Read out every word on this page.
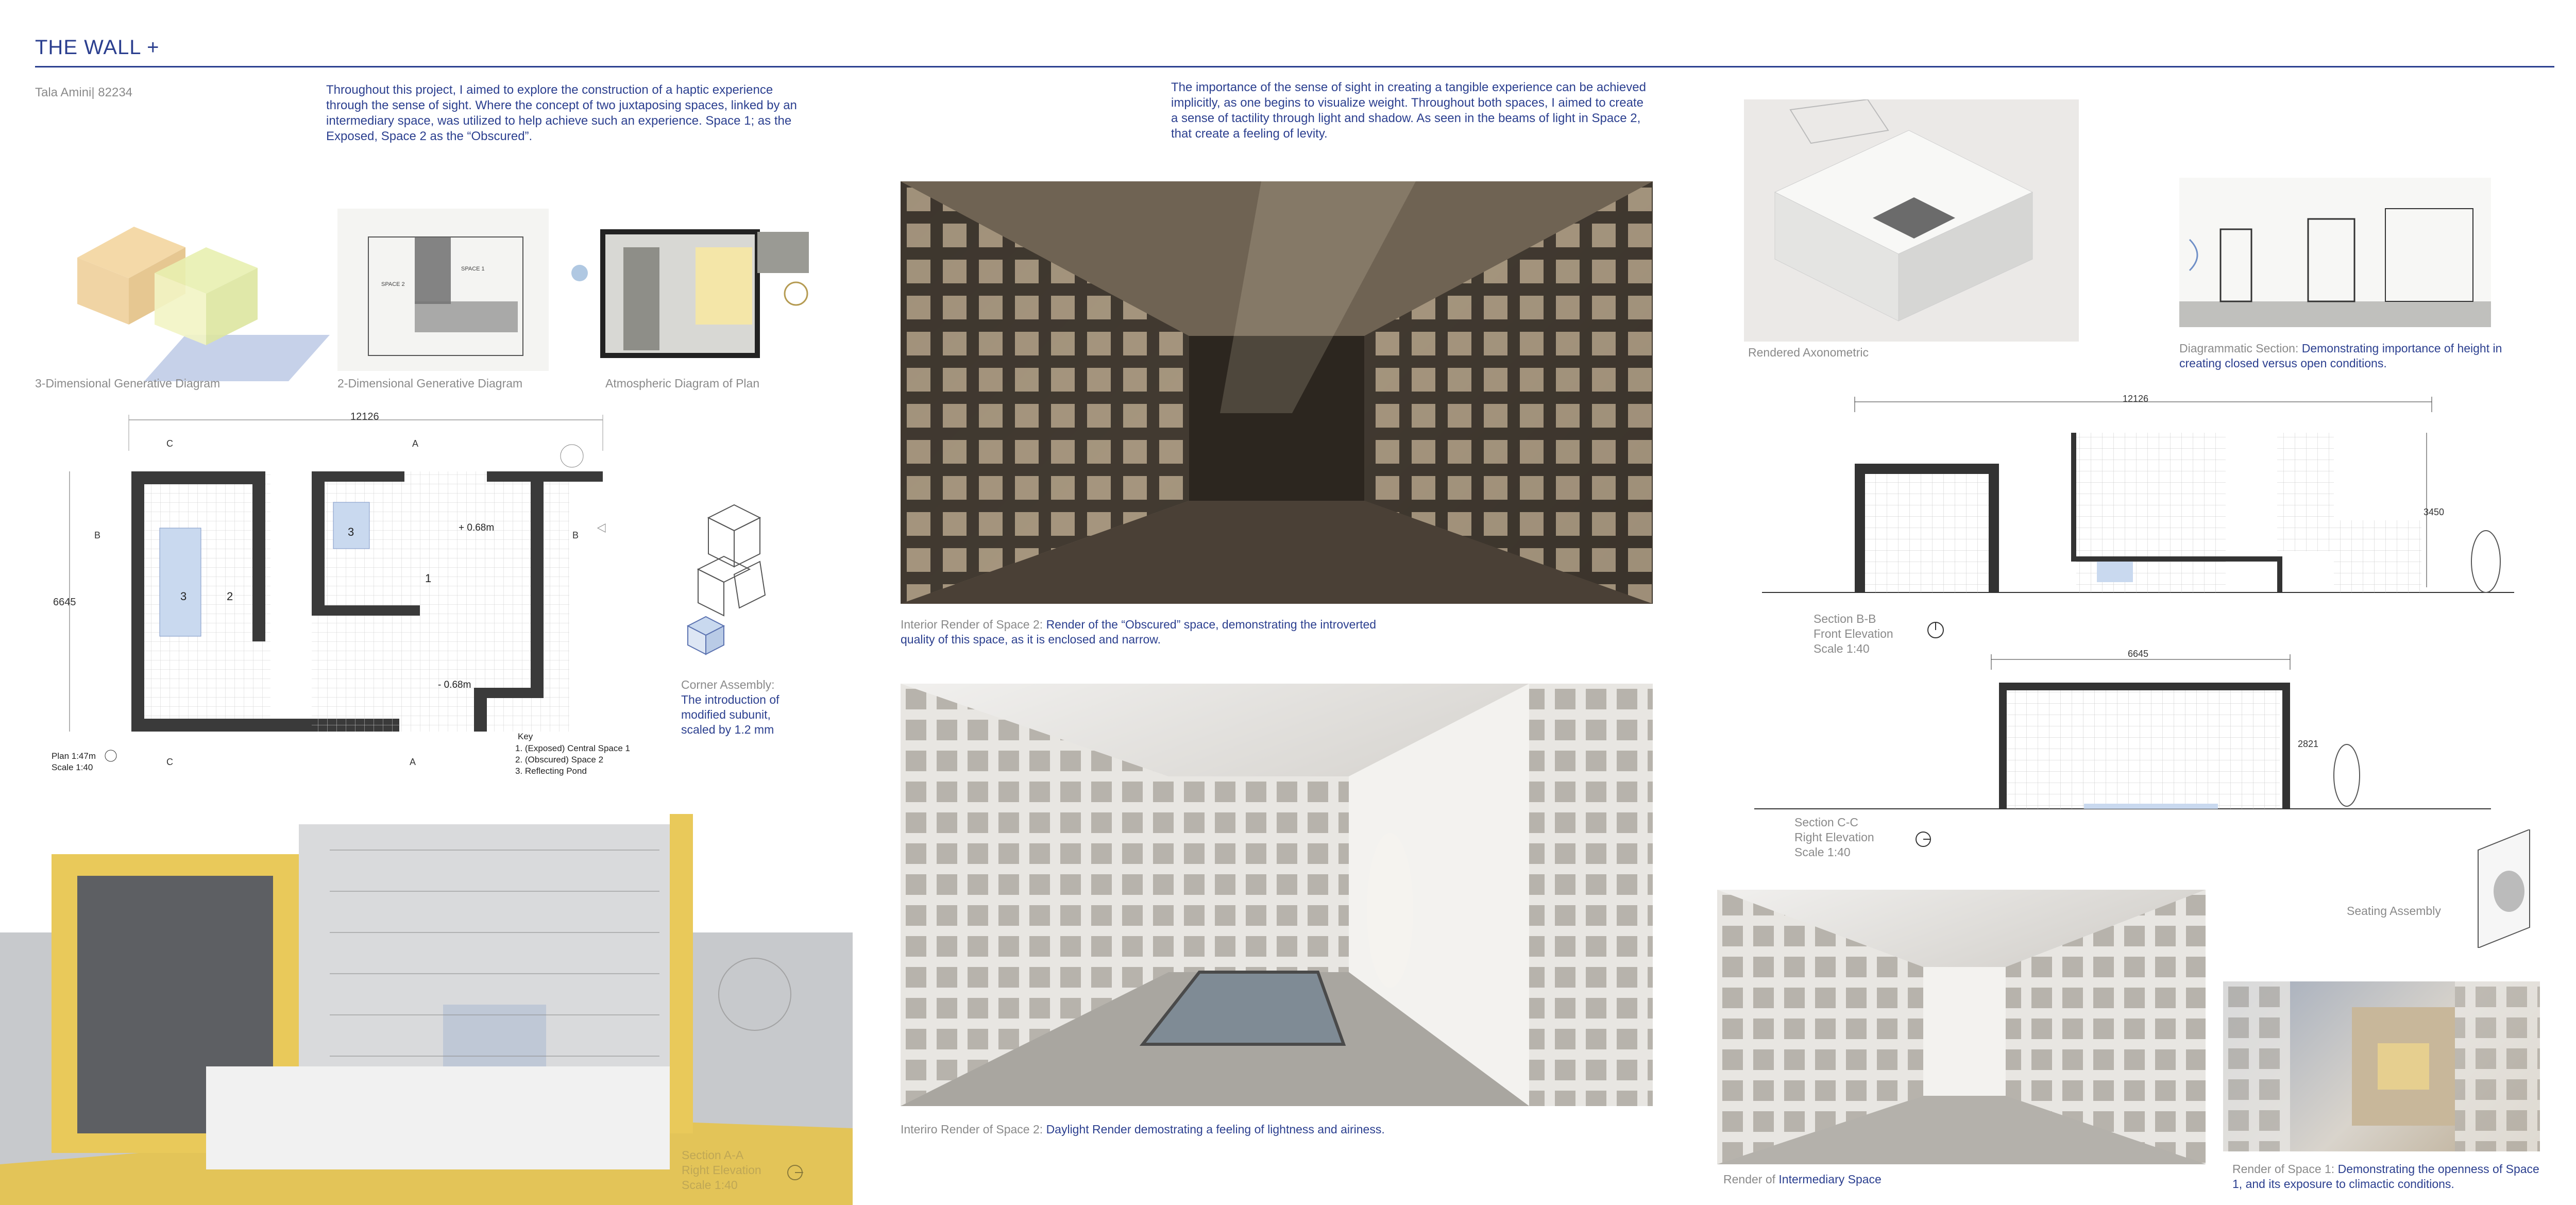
THE WALL +
Tala Amini| 82234	Throughout this project, I aimed to explore the construction of a haptic experience through the sense of sight. Where the concept of two juxtaposing spaces, linked by an intermediary space, was utilized to help achieve such an experience. Space 1; as the Exposed, Space 2 as the “Obscured”.
The importance of the sense of sight in creating a tangible experience can be achieved implicitly, as one begins to visualize weight. Throughout both spaces, I aimed to create a sense of tactility through light and shadow. As seen in the beams of light in Space 2, that create a feeling of levity.
3-Dimensional Generative Diagram
SPACE 1
SPACE 2
2-Dimensional Generative Diagram	Atmospheric Diagram of Plan
C	A
B	B
C	A
12126
6645
+ 0.68m
- 0.68m
1
2
3
3
Plan 1:47m
Scale 1:40
Key
1. (Exposed) Central Space 1
2. (Obscured) Space 2
3. Reflecting Pond
Corner Assembly:
The introduction of modified subunit, scaled by 1.2 mm
Section A-A
Right Elevation
Scale 1:40
Interior Render of Space 2: Render of the “Obscured” space, demonstrating the introverted quality of this space, as it is enclosed and narrow.
Interiro Render of Space 2: Daylight Render demostrating a feeling of lightness and airiness.
Rendered Axonometric	Diagrammatic Section: Demonstrating importance of height in creating closed versus open conditions.
12126
3450
Section B-B
Front Elevation
Scale 1:40	6645
2821
Section C-C
Right Elevation
Scale 1:40
Seating Assembly
Render of Intermediary Space
Render of Space 1: Demonstrating the openness of Space 1, and its exposure to climactic conditions.
